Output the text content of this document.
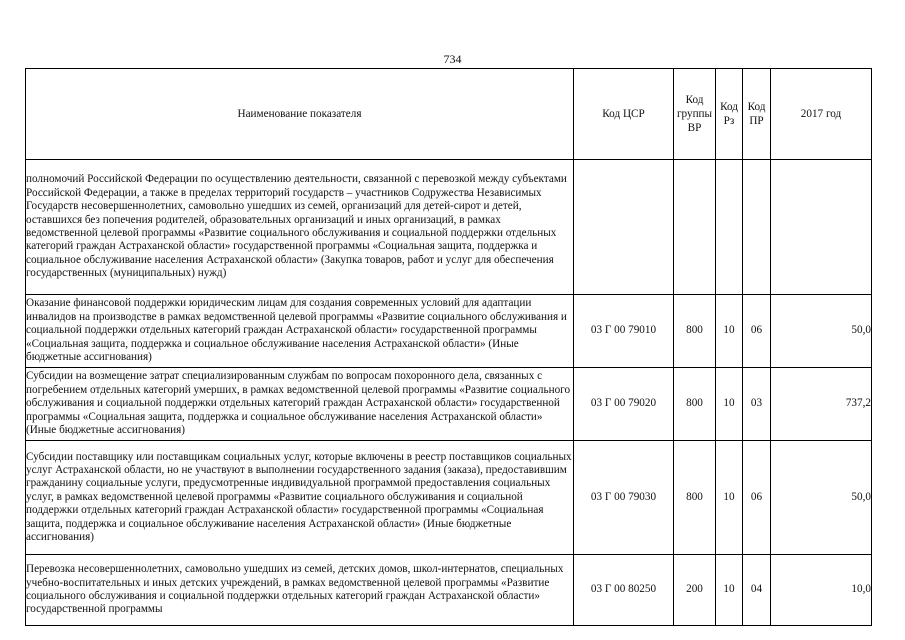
734
Наименование показателя	Код ЦСР	Код группы ВР	Код Рз	Код ПР	2017 год
полномочий Российской Федерации по осуществлению деятельности, связанной с перевозкой между субъектами Российской Федерации, а также в пределах территорий государств – участников Содружества Независимых Государств несовершеннолетних, самовольно ушедших из семей, организаций для детей-сирот и детей, оставшихся без попечения родителей, образовательных организаций и иных организаций, в рамках ведомственной целевой программы «Развитие социального обслуживания и социальной поддержки отдельных категорий граждан Астраханской области» государственной программы «Социальная защита, поддержка и социальное обслуживание населения Астраханской области» (Закупка товаров, работ и услуг для обеспечения государственных (муниципальных) нужд)					
Оказание финансовой поддержки юридическим лицам для создания современных условий для адаптации инвалидов на производстве в рамках ведомственной целевой программы «Развитие социального обслуживания и социальной поддержки отдельных категорий граждан Астраханской области» государственной программы «Социальная защита, поддержка и социальное обслуживание населения Астраханской области» (Иные бюджетные ассигнования)	03 Г 00 79010	800	10	06	50,0
Субсидии на возмещение затрат специализированным службам по вопросам похоронного дела, связанных с погребением отдельных категорий умерших, в рамках ведомственной целевой программы «Развитие социального обслуживания и социальной поддержки отдельных категорий граждан Астраханской области» государственной программы «Социальная защита, поддержка и социальное обслуживание населения Астраханской области» (Иные бюджетные ассигнования)	03 Г 00 79020	800	10	03	737,2
Субсидии поставщику или поставщикам социальных услуг, которые включены в реестр поставщиков социальных услуг Астраханской области, но не участвуют в выполнении государственного задания (заказа), предоставившим гражданину социальные услуги, предусмотренные индивидуальной программой предоставления социальных услуг, в рамках ведомственной целевой программы «Развитие социального обслуживания и социальной поддержки отдельных категорий граждан Астраханской области» государственной программы «Социальная защита, поддержка и социальное обслуживание населения Астраханской области» (Иные бюджетные ассигнования)	03 Г 00 79030	800	10	06	50,0
Перевозка несовершеннолетних, самовольно ушедших из семей, детских домов, школ-интернатов, специальных учебно-воспитательных и иных детских учреждений, в рамках ведомственной целевой программы «Развитие социального обслуживания и социальной поддержки отдельных категорий граждан Астраханской области» государственной программы	03 Г 00 80250	200	10	04	10,0
